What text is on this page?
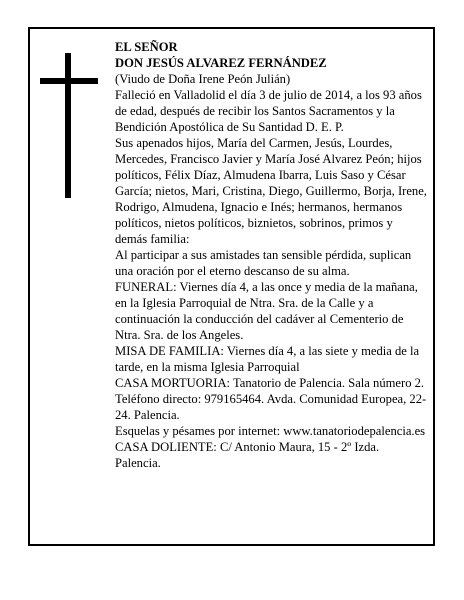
EL SEÑOR

DON JESÚS ALVAREZ FERNÁNDEZ

(Viudo de Doña Irene Peón Julián)

Falleció en Valladolid el día 3 de julio de 2014, a los 93 años de edad, después de recibir los Santos Sacramentos y la Bendición Apostólica de Su Santidad D. E. P.

Sus apenados hijos, María del Carmen, Jesús, Lourdes, Mercedes, Francisco Javier y María José Alvarez Peón; hijos políticos, Félix Díaz, Almudena Ibarra, Luis Saso y César García; nietos, Mari, Cristina, Diego, Guillermo, Borja, Irene, Rodrigo, Almudena, Ignacio e Inés; hermanos, hermanos políticos, nietos políticos, biznietos, sobrinos, primos y demás familia:

Al participar a sus amistades tan sensible pérdida, suplican una oración por el eterno descanso de su alma.

FUNERAL: Viernes día 4, a las once y media de la mañana, en la Iglesia Parroquial de Ntra. Sra. de la Calle y a continuación la conducción del cadáver al Cementerio de Ntra. Sra. de los Angeles.

MISA DE FAMILIA: Viernes día 4, a las siete y media de la tarde, en la misma Iglesia Parroquial

CASA MORTUORIA: Tanatorio de Palencia. Sala número 2. Teléfono directo: 979165464. Avda. Comunidad Europea, 22-24. Palencia.

Esquelas y pésames por internet: www.tanatoriodepalencia.es

CASA DOLIENTE: C/ Antonio Maura, 15 - 2º Izda. Palencia.
